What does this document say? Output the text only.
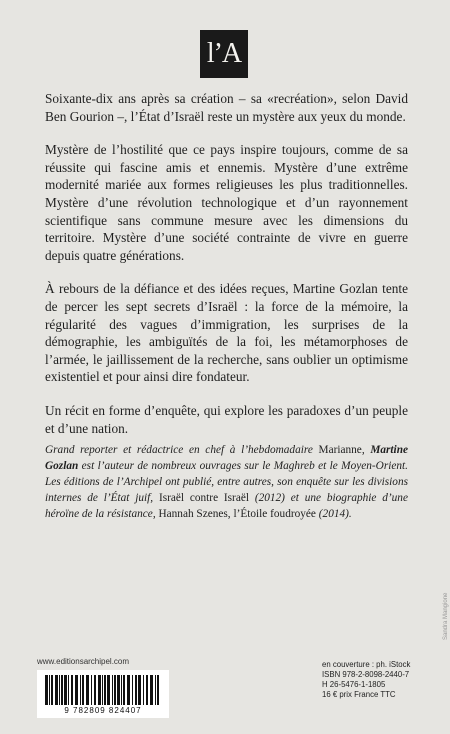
l’A

Soixante-dix ans après sa création – sa «recréation», selon David Ben Gourion –, l’État d’Israël reste un mystère aux yeux du monde.

Mystère de l’hostilité que ce pays inspire toujours, comme de sa réussite qui fascine amis et ennemis. Mystère d’une extrême modernité mariée aux formes religieuses les plus traditionnelles. Mystère d’une révolution technologique et d’un rayonnement scientifique sans commune mesure avec les dimensions du territoire. Mystère d’une société contrainte de vivre en guerre depuis quatre générations.

À rebours de la défiance et des idées reçues, Martine Gozlan tente de percer les sept secrets d’Israël : la force de la mémoire, la régularité des vagues d’immigration, les surprises de la démographie, les ambiguïtés de la foi, les métamorphoses de l’armée, le jaillissement de la recherche, sans oublier un optimisme existentiel et pour ainsi dire fondateur.

Un récit en forme d’enquête, qui explore les paradoxes d’un peuple et d’une nation.

Grand reporter et rédactrice en chef à l’hebdomadaire Marianne, Martine Gozlan est l’auteur de nombreux ouvrages sur le Maghreb et le Moyen-Orient. Les éditions de l’Archipel ont publié, entre autres, son enquête sur les divisions internes de l’État juif, Israël contre Israël (2012) et une biographie d’une héroïne de la résistance, Hannah Szenes, l’Étoile foudroyée (2014).
www.editionsarchipel.com
9 782809 824407
en couverture : ph. iStock
ISBN 978-2-8098-2440-7
H 26-5476-1-1805
16 € prix France TTC
Sandra Mangione
